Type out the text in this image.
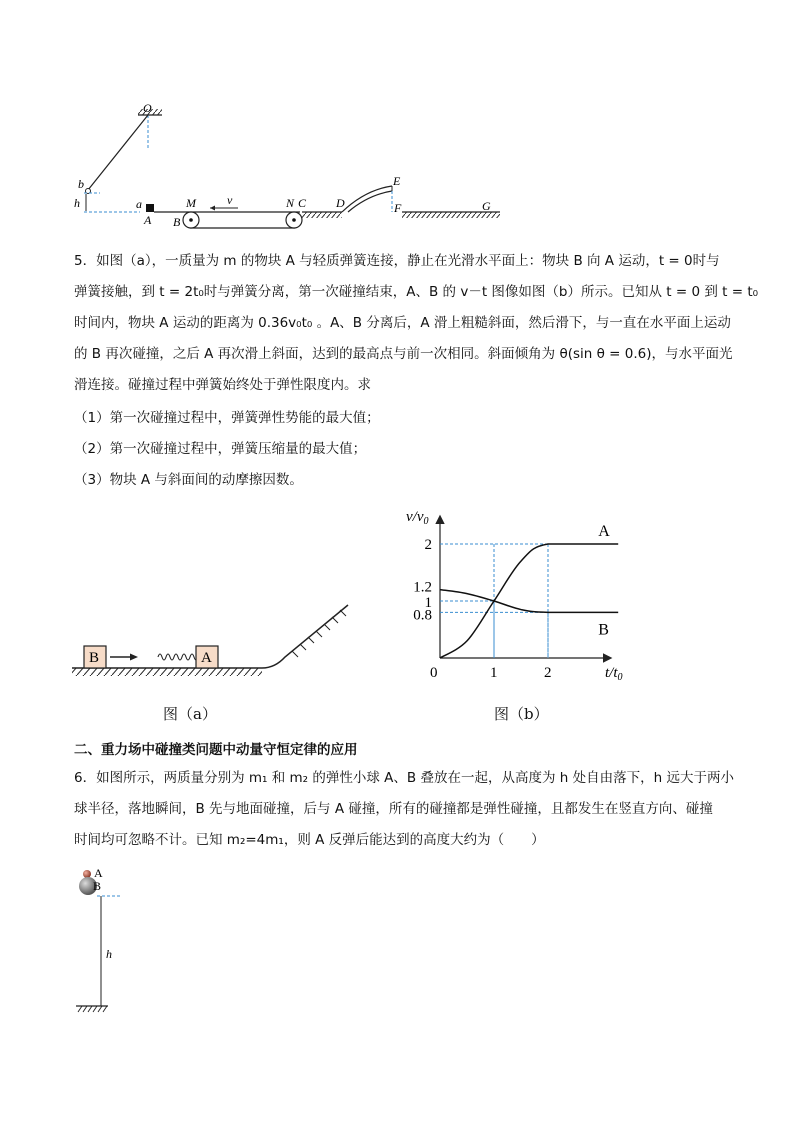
O
b
h	a
A B
M	v	N C D
E
F	G
5．如图（a），一质量为 m 的物块 A 与轻质弹簧连接，静止在光滑水平面上：物块 B 向 A 运动，t = 0时与
弹簧接触，到 t = 2t₀时与弹簧分离，第一次碰撞结束，A、B 的 v－t 图像如图（b）所示。已知从 t = 0 到 t = t₀
时间内，物块 A 运动的距离为 0.36v₀t₀ 。A、B 分离后，A 滑上粗糙斜面，然后滑下，与一直在水平面上运动
的 B 再次碰撞，之后 A 再次滑上斜面，达到的最高点与前一次相同。斜面倾角为 θ(sin θ = 0.6)，与水平面光
滑连接。碰撞过程中弹簧始终处于弹性限度内。求
（1）第一次碰撞过程中，弹簧弹性势能的最大值；
（2）第一次碰撞过程中，弹簧压缩量的最大值；
（3）物块 A 与斜面间的动摩擦因数。
B	A
图（a）
$v/v_0$
$t/t_0$
0	1	2
0.8
1
1.2
2
A
B
图（b）
二、重力场中碰撞类问题中动量守恒定律的应用
6．如图所示，两质量分别为 m₁ 和 m₂ 的弹性小球 A、B 叠放在一起，从高度为 h 处自由落下，h 远大于两小
球半径，落地瞬间，B 先与地面碰撞，后与 A 碰撞，所有的碰撞都是弹性碰撞，且都发生在竖直方向、碰撞
时间均可忽略不计。已知 m₂=4m₁，则 A 反弹后能达到的高度大约为（　　）
A
B
h
